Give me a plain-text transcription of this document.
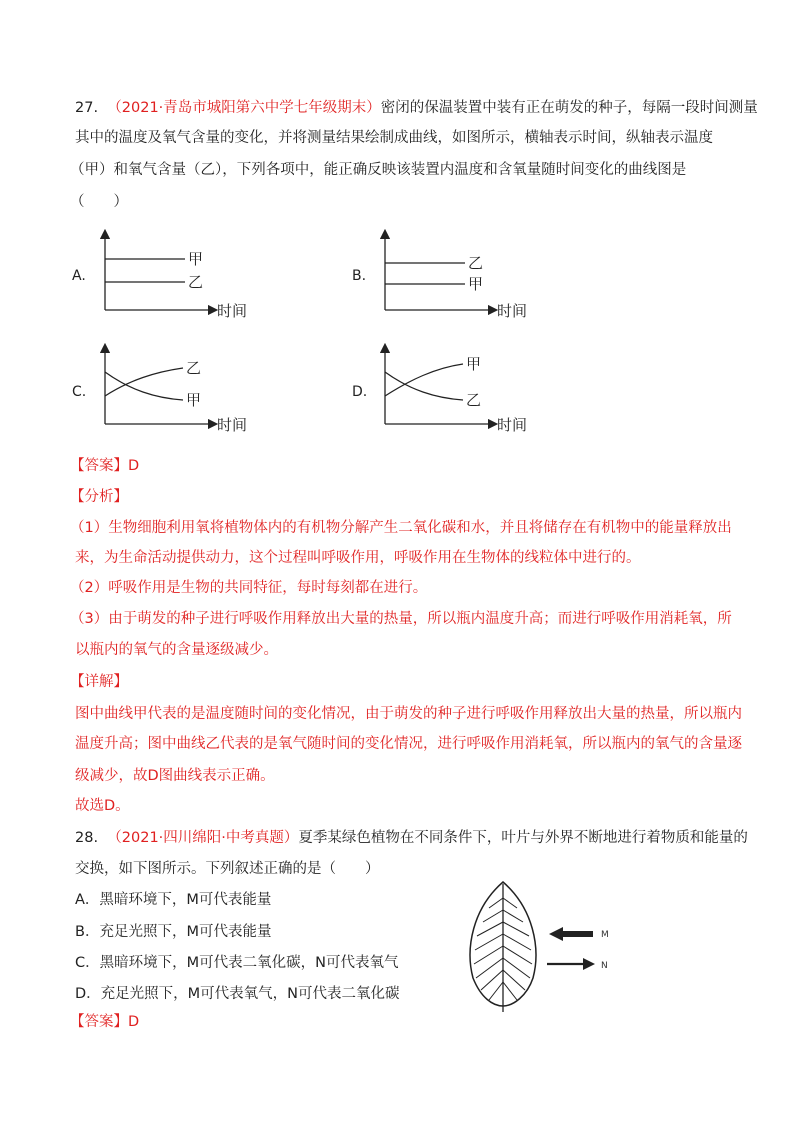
27. （2021·青岛市城阳第六中学七年级期末）密闭的保温装置中装有正在萌发的种子，每隔一段时间测量
其中的温度及氧气含量的变化，并将测量结果绘制成曲线，如图所示，横轴表示时间，纵轴表示温度
（甲）和氧气含量（乙），下列各项中，能正确反映该装置内温度和含氧量随时间变化的曲线图是
（　　）
A.
甲
乙
时间
B.
乙
甲
时间
C.
乙
甲
时间
D.
甲
乙
时间
【答案】D
【分析】
（1）生物细胞利用氧将植物体内的有机物分解产生二氧化碳和水，并且将储存在有机物中的能量释放出
来，为生命活动提供动力，这个过程叫呼吸作用，呼吸作用在生物体的线粒体中进行的。
（2）呼吸作用是生物的共同特征，每时每刻都在进行。
（3）由于萌发的种子进行呼吸作用释放出大量的热量，所以瓶内温度升高；而进行呼吸作用消耗氧，所
以瓶内的氧气的含量逐级减少。
【详解】
图中曲线甲代表的是温度随时间的变化情况，由于萌发的种子进行呼吸作用释放出大量的热量，所以瓶内
温度升高；图中曲线乙代表的是氧气随时间的变化情况，进行呼吸作用消耗氧，所以瓶内的氧气的含量逐
级减少，故D图曲线表示正确。
故选D。
28. （2021·四川绵阳·中考真题）夏季某绿色植物在不同条件下，叶片与外界不断地进行着物质和能量的
交换，如下图所示。下列叙述正确的是（　　）
A．黑暗环境下，M可代表能量
B．充足光照下，M可代表能量
C．黑暗环境下，M可代表二氧化碳，N可代表氧气
D．充足光照下，M可代表氧气，N可代表二氧化碳
【答案】D
M
N
